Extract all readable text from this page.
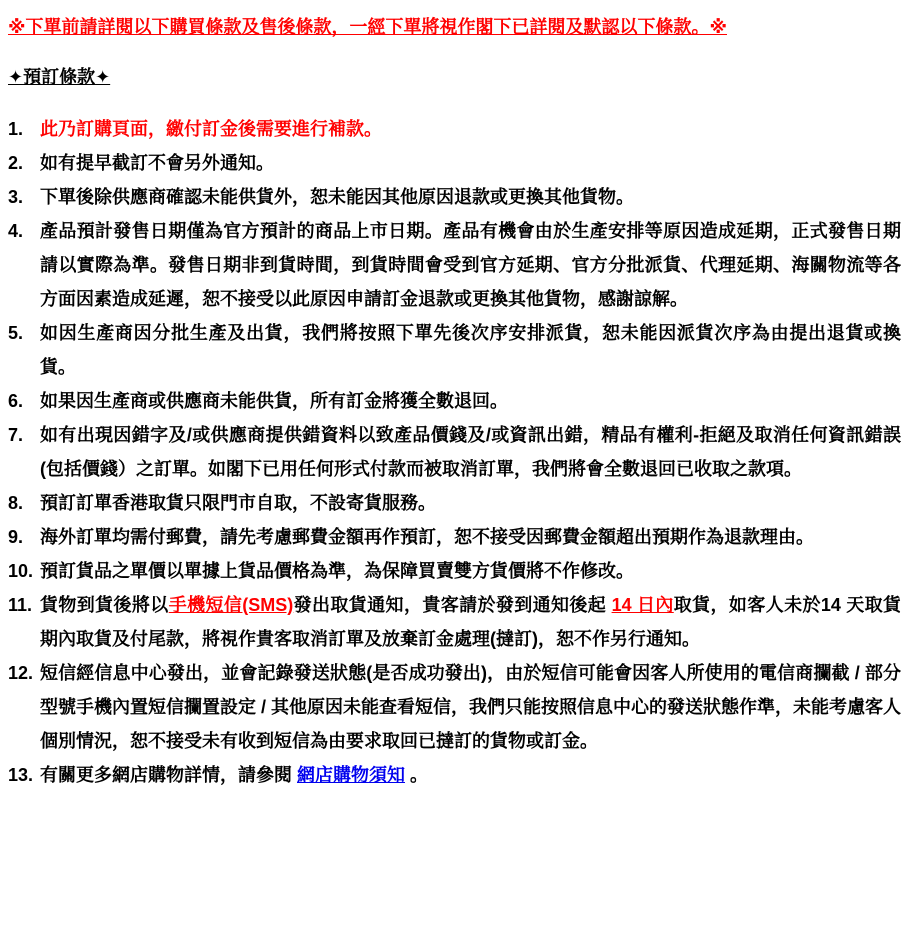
※下單前請詳閱以下購買條款及售後條款，一經下單將視作閣下已詳閱及默認以下條款。※
✦預訂條款✦
1. 此乃訂購頁面，繳付訂金後需要進行補款。
2. 如有提早截訂不會另外通知。
3. 下單後除供應商確認未能供貨外，恕未能因其他原因退款或更換其他貨物。
4. 產品預計發售日期僅為官方預計的商品上市日期。產品有機會由於生產安排等原因造成延期，正式發售日期請以實際為準。發售日期非到貨時間，到貨時間會受到官方延期、官方分批派貨、代理延期、海關物流等各方面因素造成延遲，恕不接受以此原因申請訂金退款或更換其他貨物，感謝諒解。
5. 如因生產商因分批生產及出貨，我們將按照下單先後次序安排派貨，恕未能因派貨次序為由提出退貨或換貨。
6. 如果因生產商或供應商未能供貨，所有訂金將獲全數退回。
7. 如有出現因錯字及/或供應商提供錯資料以致產品價錢及/或資訊出錯，精品有權利-拒絕及取消任何資訊錯誤(包括價錢）之訂單。如閣下已用任何形式付款而被取消訂單，我們將會全數退回已收取之款項。
8. 預訂訂單香港取貨只限門市自取，不設寄貨服務。
9. 海外訂單均需付郵費，請先考慮郵費金額再作預訂，恕不接受因郵費金額超出預期作為退款理由。
10. 預訂貨品之單價以單據上貨品價格為準，為保障買賣雙方貨價將不作修改。
11. 貨物到貨後將以手機短信(SMS)發出取貨通知，貴客請於發到通知後起 14 日內取貨，如客人未於14 天取貨期內取貨及付尾款，將視作貴客取消訂單及放棄訂金處理(撻訂)，恕不作另行通知。
12. 短信經信息中心發出，並會記錄發送狀態(是否成功發出)，由於短信可能會因客人所使用的電信商攔截 / 部分型號手機內置短信攔置設定 / 其他原因未能查看短信，我們只能按照信息中心的發送狀態作準，未能考慮客人個別情況，恕不接受未有收到短信為由要求取回已撻訂的貨物或訂金。
13. 有關更多網店購物詳情，請參閱 網店購物須知 。
